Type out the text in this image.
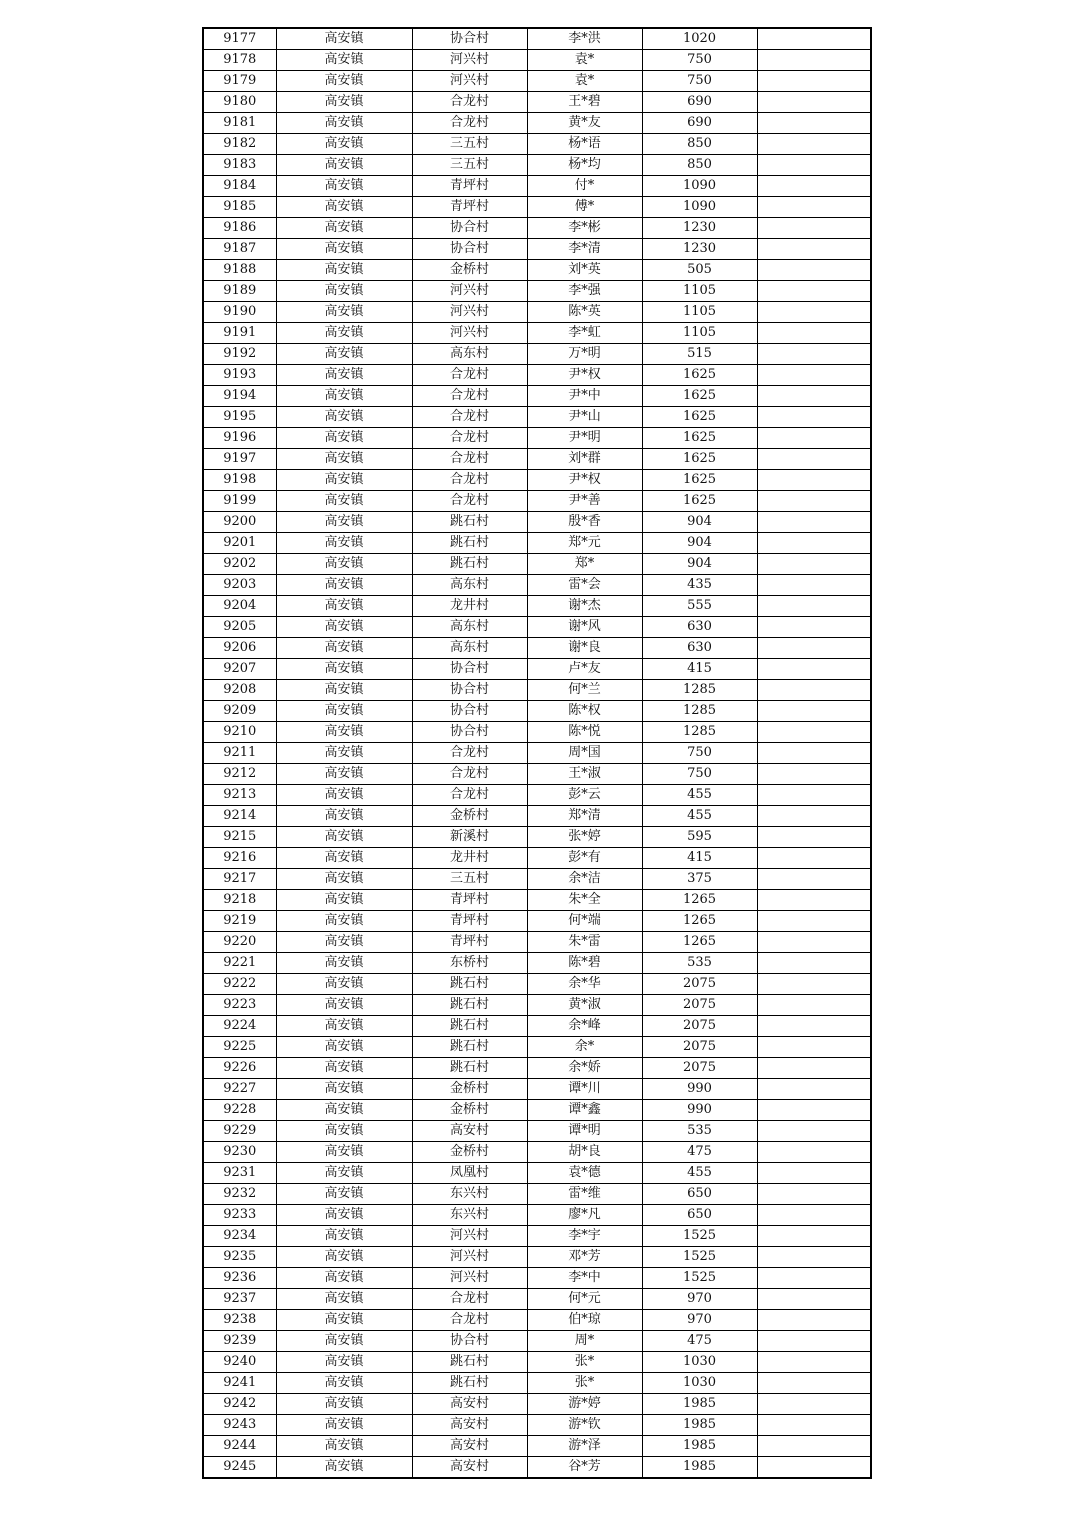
9177	高安镇	协合村	李*洪	1020	
9178	高安镇	河兴村	袁*	750	
9179	高安镇	河兴村	袁*	750	
9180	高安镇	合龙村	王*碧	690	
9181	高安镇	合龙村	黄*友	690	
9182	高安镇	三五村	杨*语	850	
9183	高安镇	三五村	杨*均	850	
9184	高安镇	青坪村	付*	1090	
9185	高安镇	青坪村	傅*	1090	
9186	高安镇	协合村	李*彬	1230	
9187	高安镇	协合村	李*清	1230	
9188	高安镇	金桥村	刘*英	505	
9189	高安镇	河兴村	李*强	1105	
9190	高安镇	河兴村	陈*英	1105	
9191	高安镇	河兴村	李*虹	1105	
9192	高安镇	高东村	万*明	515	
9193	高安镇	合龙村	尹*权	1625	
9194	高安镇	合龙村	尹*中	1625	
9195	高安镇	合龙村	尹*山	1625	
9196	高安镇	合龙村	尹*明	1625	
9197	高安镇	合龙村	刘*群	1625	
9198	高安镇	合龙村	尹*权	1625	
9199	高安镇	合龙村	尹*善	1625	
9200	高安镇	跳石村	殷*香	904	
9201	高安镇	跳石村	郑*元	904	
9202	高安镇	跳石村	郑*	904	
9203	高安镇	高东村	雷*会	435	
9204	高安镇	龙井村	谢*杰	555	
9205	高安镇	高东村	谢*风	630	
9206	高安镇	高东村	谢*良	630	
9207	高安镇	协合村	卢*友	415	
9208	高安镇	协合村	何*兰	1285	
9209	高安镇	协合村	陈*权	1285	
9210	高安镇	协合村	陈*悦	1285	
9211	高安镇	合龙村	周*国	750	
9212	高安镇	合龙村	王*淑	750	
9213	高安镇	合龙村	彭*云	455	
9214	高安镇	金桥村	郑*清	455	
9215	高安镇	新溪村	张*婷	595	
9216	高安镇	龙井村	彭*有	415	
9217	高安镇	三五村	余*洁	375	
9218	高安镇	青坪村	朱*全	1265	
9219	高安镇	青坪村	何*端	1265	
9220	高安镇	青坪村	朱*雷	1265	
9221	高安镇	东桥村	陈*碧	535	
9222	高安镇	跳石村	余*华	2075	
9223	高安镇	跳石村	黄*淑	2075	
9224	高安镇	跳石村	余*峰	2075	
9225	高安镇	跳石村	余*	2075	
9226	高安镇	跳石村	余*娇	2075	
9227	高安镇	金桥村	谭*川	990	
9228	高安镇	金桥村	谭*鑫	990	
9229	高安镇	高安村	谭*明	535	
9230	高安镇	金桥村	胡*良	475	
9231	高安镇	凤凰村	袁*德	455	
9232	高安镇	东兴村	雷*维	650	
9233	高安镇	东兴村	廖*凡	650	
9234	高安镇	河兴村	李*宇	1525	
9235	高安镇	河兴村	邓*芳	1525	
9236	高安镇	河兴村	李*中	1525	
9237	高安镇	合龙村	何*元	970	
9238	高安镇	合龙村	伯*琼	970	
9239	高安镇	协合村	周*	475	
9240	高安镇	跳石村	张*	1030	
9241	高安镇	跳石村	张*	1030	
9242	高安镇	高安村	游*婷	1985	
9243	高安镇	高安村	游*钦	1985	
9244	高安镇	高安村	游*泽	1985	
9245	高安镇	高安村	谷*芳	1985	
